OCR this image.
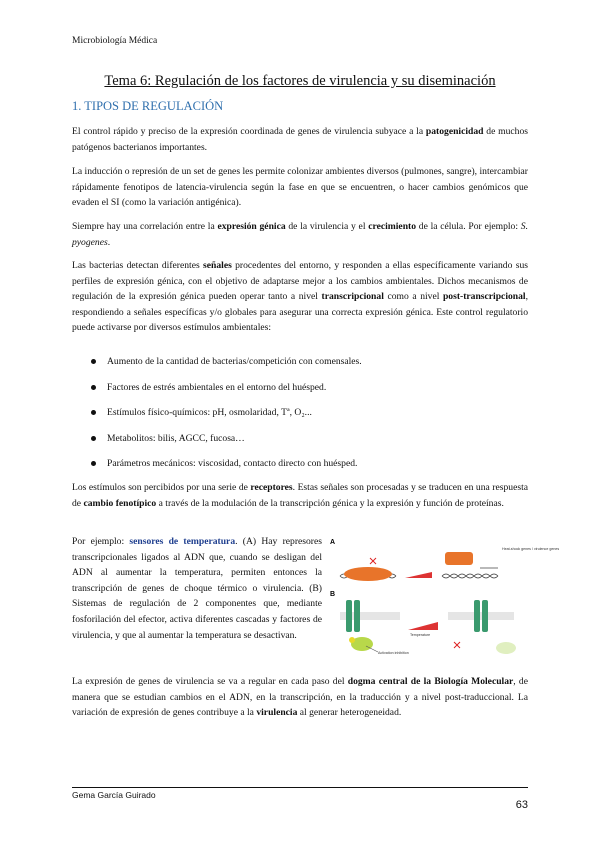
Microbiología Médica
Tema 6: Regulación de los factores de virulencia y su diseminación
1. TIPOS DE REGULACIÓN

El control rápido y preciso de la expresión coordinada de genes de virulencia subyace a la patogenicidad de muchos patógenos bacterianos importantes.

La inducción o represión de un set de genes les permite colonizar ambientes diversos (pulmones, sangre), intercambiar rápidamente fenotipos de latencia-virulencia según la fase en que se encuentren, o hacer cambios genómicos que evaden el SI (como la variación antigénica).

Siempre hay una correlación entre la expresión génica de la virulencia y el crecimiento de la célula. Por ejemplo: S. pyogenes.

Las bacterias detectan diferentes señales procedentes del entorno, y responden a ellas específicamente variando sus perfiles de expresión génica, con el objetivo de adaptarse mejor a los cambios ambientales. Dichos mecanismos de regulación de la expresión génica pueden operar tanto a nivel transcripcional como a nivel post-transcripcional, respondiendo a señales específicas y/o globales para asegurar una correcta expresión génica. Este control regulatorio puede activarse por diversos estímulos ambientales:

Aumento de la cantidad de bacterias/competición con comensales.
Factores de estrés ambientales en el entorno del huésped.
Estímulos físico-químicos: pH, osmolaridad, Tª, O₂...
Metabolitos: bilis, AGCC, fucosa…
Parámetros mecánicos: viscosidad, contacto directo con huésped.

Los estímulos son percibidos por una serie de receptores. Estas señales son procesadas y se traducen en una respuesta de cambio fenotípico a través de la modulación de la transcripción génica y la expresión y función de proteínas.

Por ejemplo: sensores de temperatura. (A) Hay represores transcripcionales ligados al ADN que, cuando se desligan del ADN al aumentar la temperatura, permiten entonces la transcripción de genes de choque térmico o virulencia. (B) Sistemas de regulación de 2 componentes que, mediante fosforilación del efector, activa diferentes cascadas y factores de virulencia, y que al aumentar la temperatura se desactivan.

A
Heat-shock genes / virulence genes
B
Activation inhibition
Temperature

La expresión de genes de virulencia se va a regular en cada paso del dogma central de la Biología Molecular, de manera que se estudian cambios en el ADN, en la transcripción, en la traducción y a nivel post-traduccional. La variación de expresión de genes contribuye a la virulencia al generar heterogeneidad.

Gema García Guirado
63
